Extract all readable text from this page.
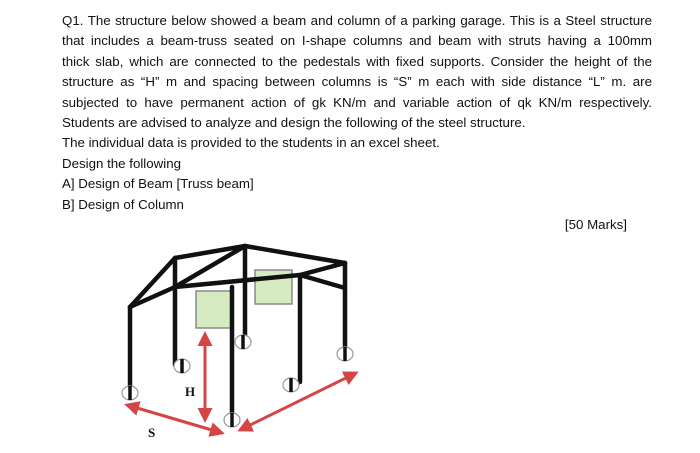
Q1. The structure below showed a beam and column of a parking garage. This is a Steel structure
that includes a beam-truss seated on I-shape columns and beam with struts having a 100mm
thick slab, which are connected to the pedestals with fixed supports. Consider the height of the
structure as “H” m and spacing between columns is “S” m each with side distance “L” m. are
subjected to have permanent action of gk KN/m and variable action of qk KN/m respectively.
Students are advised to analyze and design the following of the steel structure.

The individual data is provided to the students in an excel sheet.

Design the following

A] Design of Beam [Truss beam]

B] Design of Column

[50 Marks]
H
S
